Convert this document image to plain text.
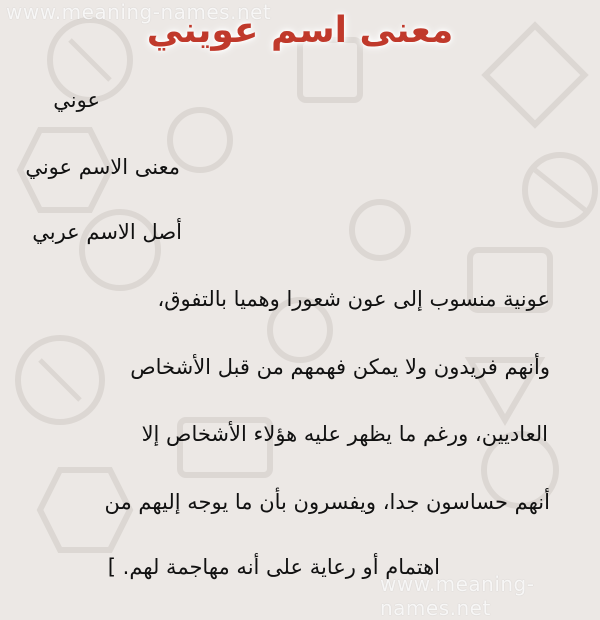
www.meaning-names.net
www.meaning-names.net
معنى اسم عويني
عوني
معنى الاسم عوني
أصل الاسم عربي
عونية منسوب إلى عون شعورا وهميا بالتفوق،
وأنهم فريدون ولا يمكن فهمهم من قبل الأشخاص
العاديين، ورغم ما يظهر عليه هؤلاء الأشخاص إلا
أنهم حساسون جدا، ويفسرون بأن ما يوجه إليهم من
اهتمام أو رعاية على أنه مهاجمة لهم. ]
